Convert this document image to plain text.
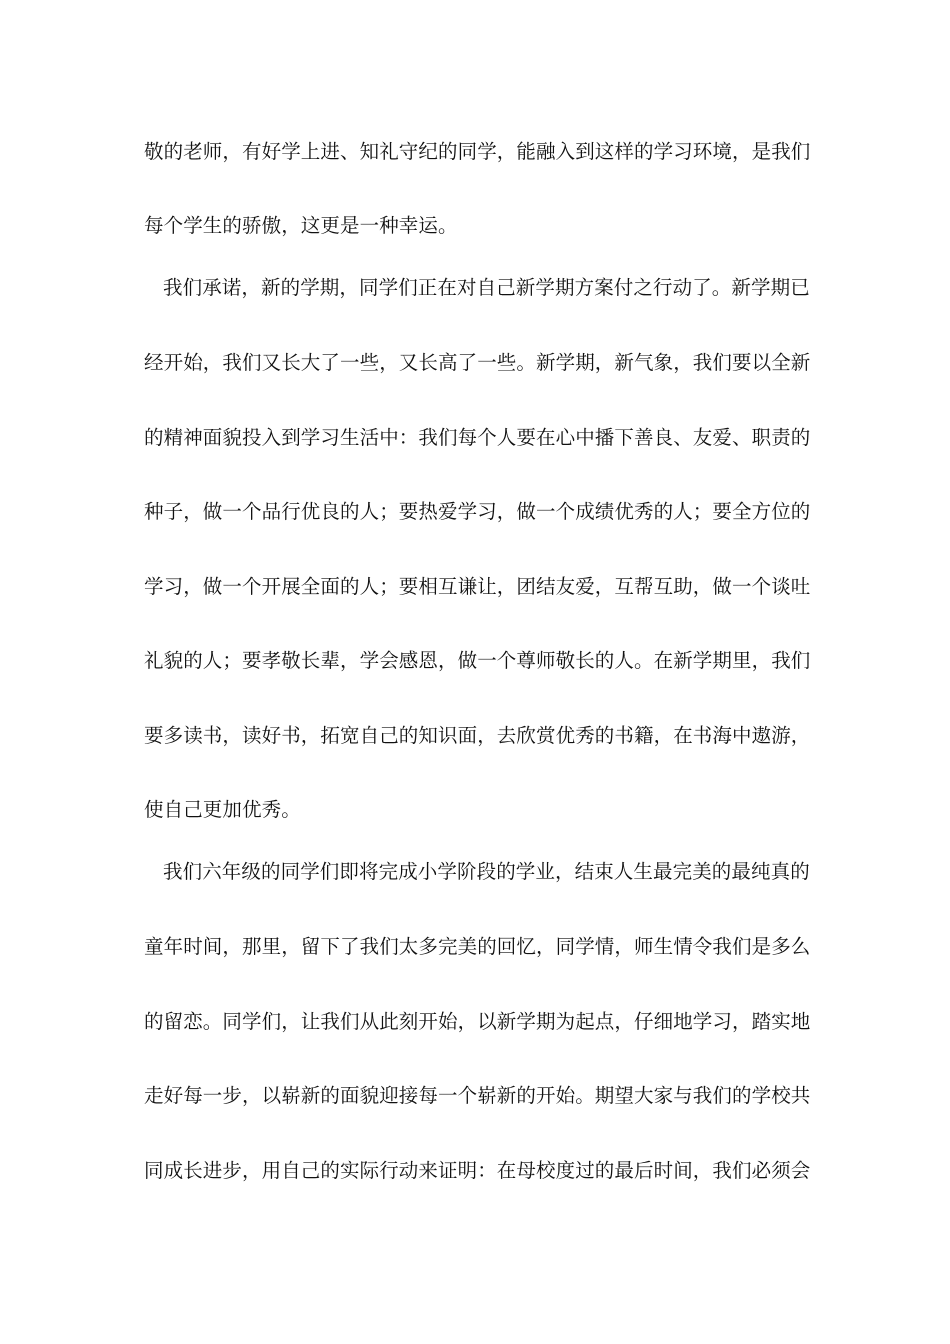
敬的老师，有好学上进、知礼守纪的同学，能融入到这样的学习环境，是我们
每个学生的骄傲，这更是一种幸运。
我们承诺，新的学期，同学们正在对自己新学期方案付之行动了。新学期已
经开始，我们又长大了一些，又长高了一些。新学期，新气象，我们要以全新
的精神面貌投入到学习生活中：我们每个人要在心中播下善良、友爱、职责的
种子，做一个品行优良的人；要热爱学习，做一个成绩优秀的人；要全方位的
学习，做一个开展全面的人；要相互谦让，团结友爱，互帮互助，做一个谈吐
礼貌的人；要孝敬长辈，学会感恩，做一个尊师敬长的人。在新学期里，我们
要多读书，读好书，拓宽自己的知识面，去欣赏优秀的书籍，在书海中遨游，
使自己更加优秀。
我们六年级的同学们即将完成小学阶段的学业，结束人生最完美的最纯真的
童年时间，那里，留下了我们太多完美的回忆，同学情，师生情令我们是多么
的留恋。同学们，让我们从此刻开始，以新学期为起点，仔细地学习，踏实地
走好每一步，以崭新的面貌迎接每一个崭新的开始。期望大家与我们的学校共
同成长进步，用自己的实际行动来证明：在母校度过的最后时间，我们必须会
